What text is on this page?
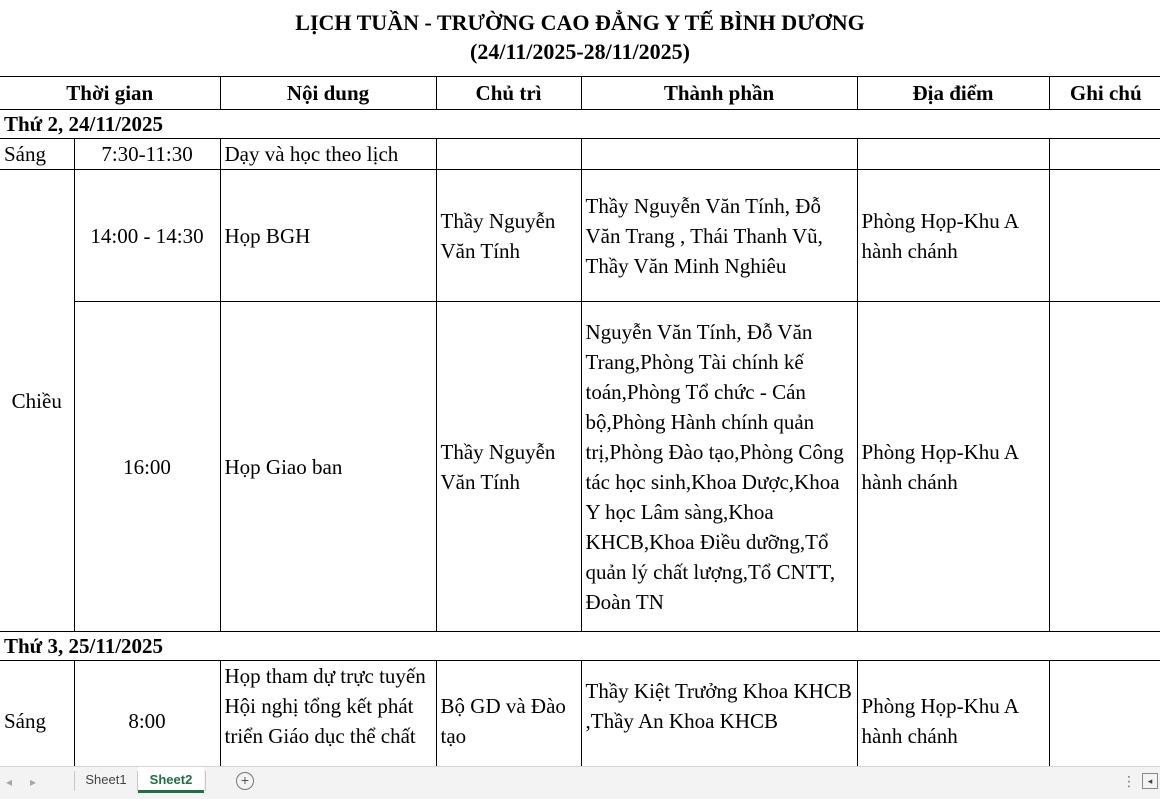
LỊCH TUẦN - TRƯỜNG CAO ĐẲNG Y TẾ BÌNH DƯƠNG
(24/11/2025-28/11/2025)
Thời gian		Nội dung	Chủ trì	Thành phần	Địa điểm	Ghi chú
Thứ 2, 24/11/2025						
Sáng	7:30-11:30	Dạy và học theo lịch				
Chiều	14:00 - 14:30	Họp BGH	Thầy Nguyễn Văn Tính	Thầy Nguyễn Văn Tính, Đỗ Văn Trang , Thái Thanh Vũ, Thầy Văn Minh Nghiêu	Phòng Họp-Khu A hành chánh	
	16:00	Họp Giao ban	Thầy Nguyễn Văn Tính	Nguyễn Văn Tính, Đỗ Văn Trang,Phòng Tài chính kế toán,Phòng Tổ chức - Cán bộ,Phòng Hành chính quản trị,Phòng Đào tạo,Phòng Công tác học sinh,Khoa Dược,Khoa Y học Lâm sàng,Khoa KHCB,Khoa Điều dưỡng,Tổ quản lý chất lượng,Tổ CNTT, Đoàn TN	Phòng Họp-Khu A hành chánh	
Thứ 3, 25/11/2025						
Sáng	8:00	Họp tham dự trực tuyến Hội nghị tổng kết phát triển Giáo dục thể chất	Bộ GD và Đào tạo	Thầy Kiệt Trưởng Khoa KHCB ,Thầy An Khoa KHCB	Phòng Họp-Khu A hành chánh	
◂ ▸	Sheet1	Sheet2	+	⋮	◂
